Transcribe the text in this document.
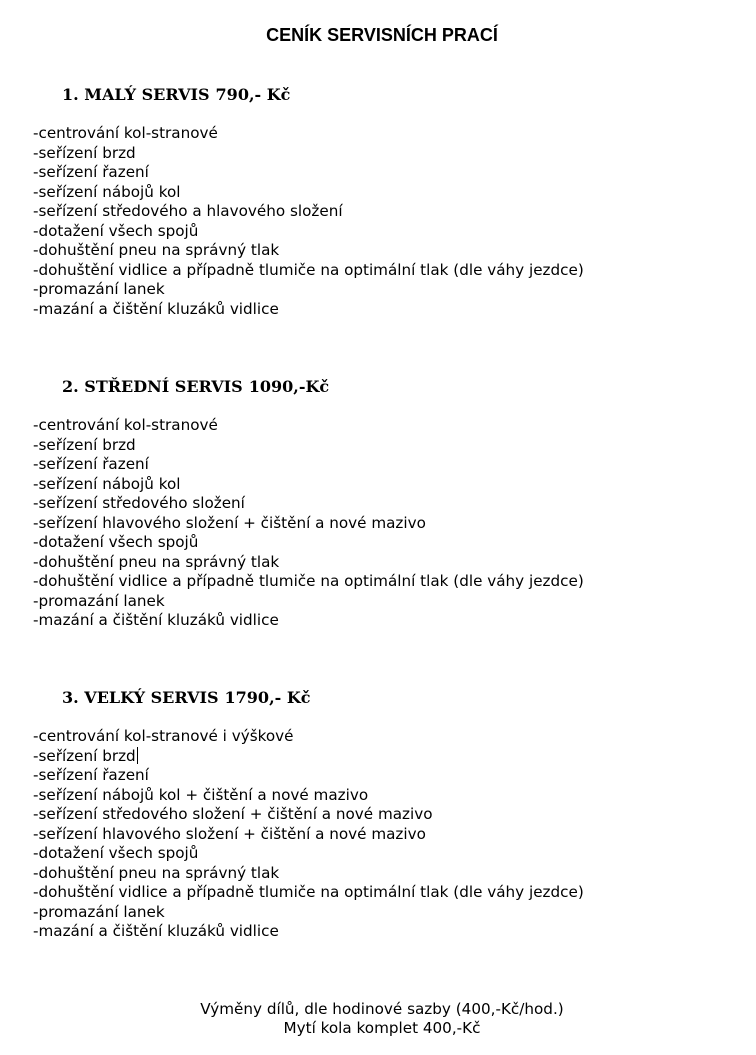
CENÍK SERVISNÍCH PRACÍ
1. MALÝ SERVIS 790,- Kč
-centrování kol-stranové
-seřízení brzd
-seřízení řazení
-seřízení nábojů kol
-seřízení středového a hlavového složení
-dotažení všech spojů
-dohuštění pneu na správný tlak
-dohuštění vidlice a případně tlumiče na optimální tlak (dle váhy jezdce)
-promazání lanek
-mazání a čištění kluzáků vidlice
2. STŘEDNÍ SERVIS 1090,-Kč
-centrování kol-stranové
-seřízení brzd
-seřízení řazení
-seřízení nábojů kol
-seřízení středového složení
-seřízení hlavového složení + čištění a nové mazivo
-dotažení všech spojů
-dohuštění pneu na správný tlak
-dohuštění vidlice a případně tlumiče na optimální tlak (dle váhy jezdce)
-promazání lanek
-mazání a čištění kluzáků vidlice
3. VELKÝ SERVIS 1790,- Kč
-centrování kol-stranové i výškové
-seřízení brzd
-seřízení řazení
-seřízení nábojů kol + čištění a nové mazivo
-seřízení středového složení + čištění a nové mazivo
-seřízení hlavového složení + čištění a nové mazivo
-dotažení všech spojů
-dohuštění pneu na správný tlak
-dohuštění vidlice a případně tlumiče na optimální tlak (dle váhy jezdce)
-promazání lanek
-mazání a čištění kluzáků vidlice

Výměny dílů, dle hodinové sazby (400,-Kč/hod.)

Mytí kola komplet 400,-Kč
